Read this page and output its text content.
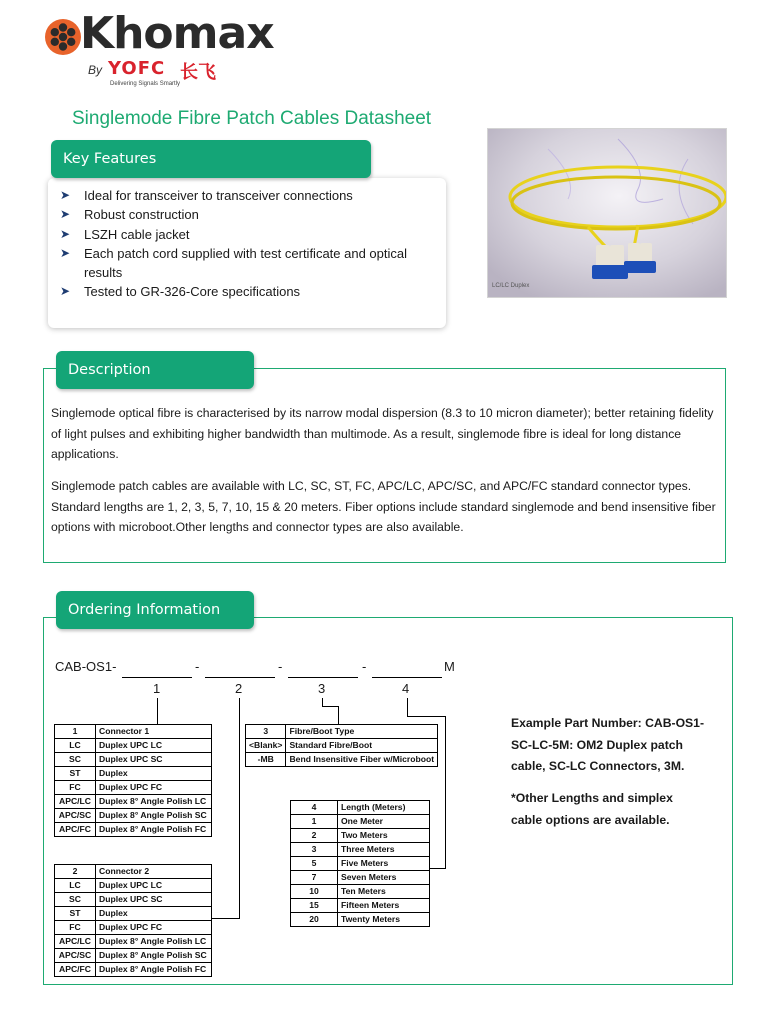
Khomax
By YOFC 长飞
Delivering Signals Smartly
Singlemode Fibre Patch Cables Datasheet
Key Features
➤ Ideal for transceiver to transceiver connections
➤ Robust construction
➤ LSZH cable jacket
➤ Each patch cord supplied with test certificate and optical results
➤ Tested to GR-326-Core specifications	LC/LC Duplex
Description
Singlemode optical fibre is characterised by its narrow modal dispersion (8.3 to 10 micron diameter); better retaining fidelity of light pulses and exhibiting higher bandwidth than multimode. As a result, singlemode fibre is ideal for long distance applications.
Singlemode patch cables are available with LC, SC, ST, FC, APC/LC, APC/SC, and APC/FC standard connector types. Standard lengths are 1, 2, 3, 5, 7, 10, 15 & 20 meters. Fiber options include standard singlemode and bend insensitive fiber options with microboot.Other lengths and connector types are also available.
Ordering Information
CAB-OS1-	-	-	-	M
1	2	3	4
1	Connector 1
LC	Duplex UPC LC
SC	Duplex UPC SC
ST	Duplex
FC	Duplex UPC FC
APC/LC	Duplex 8° Angle Polish LC
APC/SC	Duplex 8° Angle Polish SC
APC/FC	Duplex 8° Angle Polish FC
2	Connector 2
LC	Duplex UPC LC
SC	Duplex UPC SC
ST	Duplex
FC	Duplex UPC FC
APC/LC	Duplex 8° Angle Polish LC
APC/SC	Duplex 8° Angle Polish SC
APC/FC	Duplex 8° Angle Polish FC
3	Fibre/Boot Type
<Blank>	Standard Fibre/Boot
-MB	Bend Insensitive Fiber w/Microboot
4	Length (Meters)
1	One Meter
2	Two Meters
3	Three Meters
5	Five Meters
7	Seven Meters
10	Ten Meters
15	Fifteen Meters
20	Twenty Meters
Example Part Number: CAB-OS1-SC-LC-5M: OM2 Duplex patch cable, SC-LC Connectors, 3M.
*Other Lengths and simplex cable options are available.
